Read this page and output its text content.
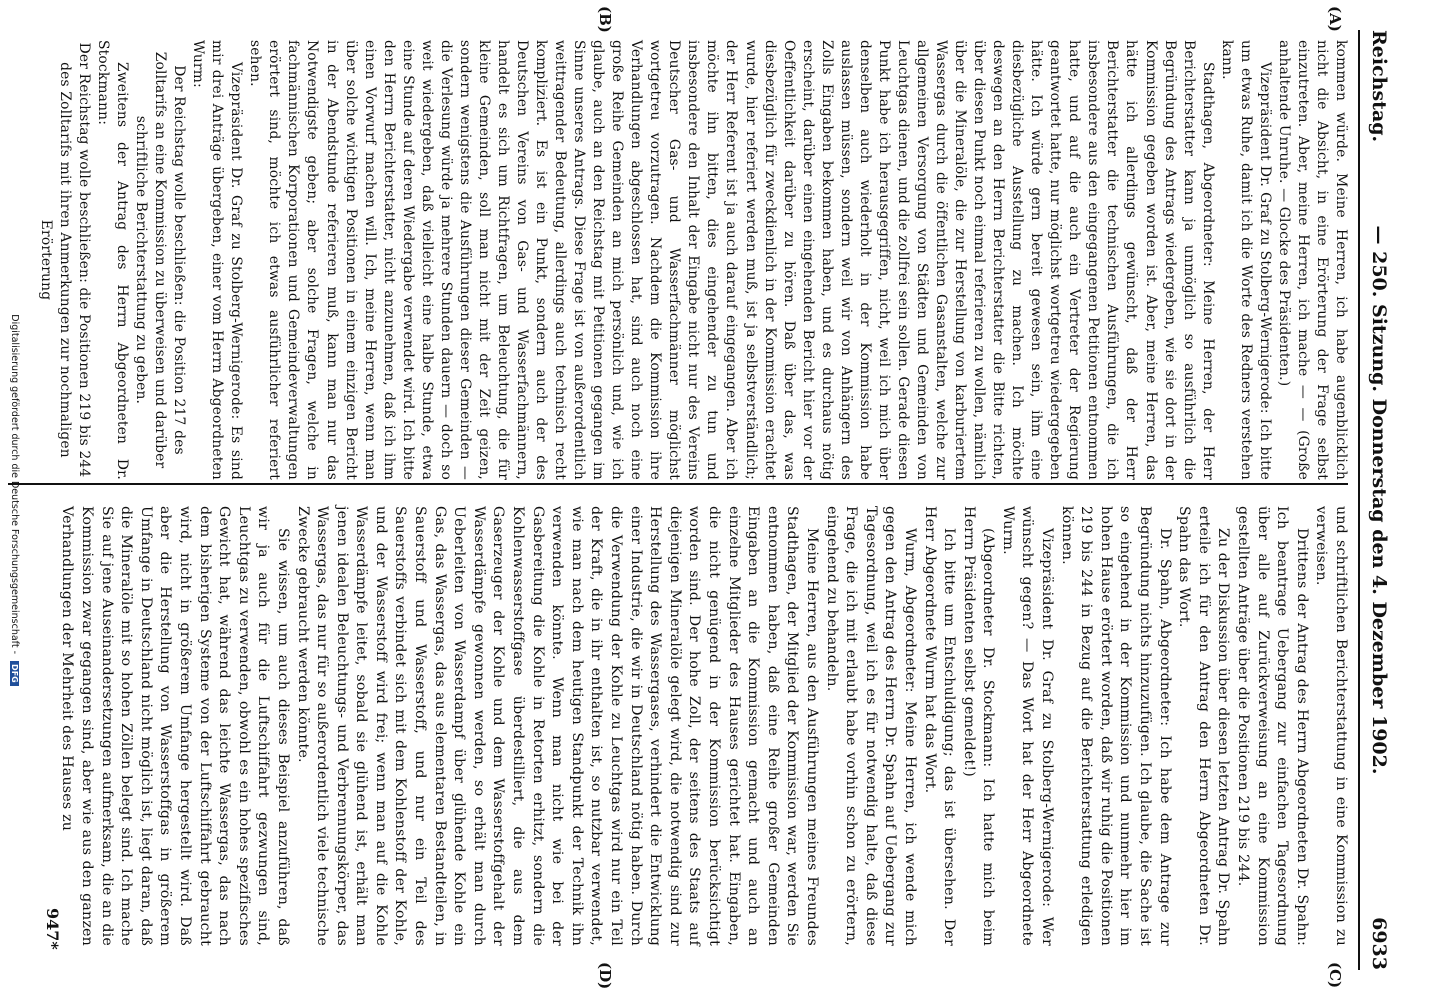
Reichstag.
— 250. Sitzung. Donnerstag den 4. Dezember 1902.
6933
(A)
(B)
(C)
(D)

kommen würde. Meine Herren, ich habe augenblicklich nicht die Absicht, in eine Erörterung der Frage selbst einzutreten. Aber, meine Herren, ich mache — — (Große anhaltende Unruhe. — Glocke des Präsidenten.)

Vizepräsident Dr. Graf zu Stolberg-Wernigerode: Ich bitte um etwas Ruhe, damit ich die Worte des Redners verstehen kann.

Stadthagen, Abgeordneter: Meine Herren, der Herr Berichterstatter kann ja unmöglich so ausführlich die Begründung des Antrags wiedergeben, wie sie dort in der Kommission gegeben worden ist. Aber, meine Herren, das hätte ich allerdings gewünscht, daß der Herr Berichterstatter die technischen Ausführungen, die ich insbesondere aus den eingegangenen Petitionen entnommen hatte, und auf die auch ein Vertreter der Regierung geantwortet hatte, nur möglichst wortgetreu wiedergegeben hätte. Ich würde gern bereit gewesen sein, ihm eine diesbezügliche Ausstellung zu machen. Ich möchte deswegen an den Herrn Berichterstatter die Bitte richten, über diesen Punkt noch einmal referieren zu wollen, nämlich über die Mineralöle, die zur Herstellung von karburiertem Wassergas durch die öffentlichen Gasanstalten, welche zur allgemeinen Versorgung von Städten und Gemeinden von Leuchtgas dienen, und die zollfrei sein sollen. Gerade diesen Punkt habe ich herausgegriffen, nicht, weil ich mich über denselben auch wiederholt in der Kommission habe auslassen müssen, sondern weil wir von Anhängern des Zolls Eingaben bekommen haben, und es durchaus nötig erscheint, darüber einen eingehenden Bericht hier vor der Oeffentlichkeit darüber zu hören. Daß über das, was diesbezüglich für zweckdienlich in der Kommission erachtet wurde, hier referiert werden muß, ist ja selbstverständlich; der Herr Referent ist ja auch darauf eingegangen. Aber ich möchte ihn bitten, dies eingehender zu tun und insbesondere den Inhalt der Eingabe nicht nur des Vereins Deutscher Gas- und Wasserfachmänner möglichst wortgetreu vorzutragen. Nachdem die Kommission ihre Verhandlungen abgeschlossen hat, sind auch noch eine große Reihe Gemeinden an mich persönlich und, wie ich glaube, auch an den Reichstag mit Petitionen gegangen im Sinne unseres Antrags. Diese Frage ist von außerordentlich weittragender Bedeutung, allerdings auch technisch recht kompliziert. Es ist ein Punkt, sondern auch der des Deutschen Vereins von Gas- und Wasserfachmännern, handelt es sich um Richtfragen, um Beleuchtung, die für kleine Gemeinden, soll man nicht mit der Zeit geizen, sondern wenigstens die Ausführungen dieser Gemeinden — die Verlesung würde ja mehrere Stunden dauern — doch so weit wiedergeben, daß vielleicht eine halbe Stunde, etwa eine Stunde auf deren Wiedergabe verwendet wird. Ich bitte den Herrn Berichterstatter, nicht anzunehmen, daß ich ihm einen Vorwurf machen will. Ich, meine Herren, wenn man über solche wichtigen Positionen in einem einzigen Bericht in der Abendstunde referieren muß, kann man nur das Notwendigste geben; aber solche Fragen, welche in fachmännischen Korporationen und Gemeindeverwaltungen erörtert sind, möchte ich etwas ausführlicher referiert sehen.

Vizepräsident Dr. Graf zu Stolberg-Wernigerode: Es sind mir drei Anträge übergeben, einer vom Herrn Abgeordneten Wurm:

Der Reichstag wolle beschließen: die Position 217 des Zolltarifs an eine Kommission zu überweisen und darüber schriftliche Berichterstattung zu geben.

Zweitens der Antrag des Herrn Abgeordneten Dr. Stockmann:

Der Reichstag wolle beschließen: die Positionen 219 bis 244 des Zolltarifs mit ihren Anmerkungen zur nochmaligen Erörterung

und schriftlichen Berichterstattung in eine Kommission zu verweisen.

Drittens der Antrag des Herrn Abgeordneten Dr. Spahn: Ich beantrage Uebergang zur einfachen Tagesordnung über alle auf Zurückverweisung an eine Kommission gestellten Anträge über die Positionen 219 bis 244.

Zu der Diskussion über diesen letzten Antrag Dr. Spahn erteile ich für den Antrag den Herrn Abgeordneten Dr. Spahn das Wort.

Dr. Spahn, Abgeordneter: Ich habe dem Antrage zur Begründung nichts hinzuzufügen. Ich glaube, die Sache ist so eingehend in der Kommission und nunmehr hier im hohen Hause erörtert worden, daß wir ruhig die Positionen 219 bis 244 in Bezug auf die Berichterstattung erledigen können.

Vizepräsident Dr. Graf zu Stolberg-Wernigerode: Wer wünscht gegen? — Das Wort hat der Herr Abgeordnete Wurm.

(Abgeordneter Dr. Stockmann: Ich hatte mich beim Herrn Präsidenten selbst gemeldet!)

Ich bitte um Entschuldigung; das ist übersehen. Der Herr Abgeordnete Wurm hat das Wort.

Wurm, Abgeordneter: Meine Herren, ich wende mich gegen den Antrag des Herrn Dr. Spahn auf Uebergang zur Tagesordnung, weil ich es für notwendig halte, daß diese Frage, die ich mit erlaubt habe vorhin schon zu erörtern, eingehend zu behandeln.

Meine Herren, aus den Ausführungen meines Freundes Stadthagen, der Mitglied der Kommission war, werden Sie entnommen haben, daß eine Reihe großer Gemeinden Eingaben an die Kommission gemacht und auch an einzelne Mitglieder des Hauses gerichtet hat. Eingaben, die nicht genügend in der Kommission berücksichtigt worden sind. Der hohe Zoll, der seitens des Staats auf diejenigen Mineralöle gelegt wird, die notwendig sind zur Herstellung des Wassergases, verhindert die Entwicklung einer Industrie, die wir in Deutschland nötig haben. Durch die Verwendung der Kohle zu Leuchtgas wird nur ein Teil der Kraft, die in ihr enthalten ist, so nutzbar verwendet, wie man nach dem heutigen Standpunkt der Technik ihn verwenden könnte. Wenn man nicht wie bei der Gasbereitung die Kohle in Retorten erhitzt, sondern die Kohlenwasserstoffgase überdestilliert, die aus dem Gaserzeuger der Kohle und dem Wasserstoffgehalt der Wasserdämpfe gewonnen werden, so erhält man durch Ueberleiten von Wasserdampf über glühende Kohle ein Gas, das Wassergas, das aus elementaren Bestandteilen, in Sauerstoff und Wasserstoff, und nur ein Teil des Sauerstoffs verbindet sich mit dem Kohlenstoff der Kohle, und der Wasserstoff wird frei; wenn man auf die Kohle Wasserdämpfe leitet, sobald sie glühend ist, erhält man jenen idealen Beleuchtungs- und Verbrennungskörper, das Wassergas, das nur für so außerordentlich viele technische Zwecke gebraucht werden könnte.

Sie wissen, um auch dieses Beispiel anzuführen, daß wir ja auch für die Luftschiffahrt gezwungen sind, Leuchtgas zu verwenden, obwohl es ein hohes spezifisches Gewicht hat, während das leichte Wassergas, das nach dem bisherigen Systeme von der Luftschiffahrt gebraucht wird, nicht in größerem Umfange hergestellt wird. Daß aber die Herstellung von Wasserstoffgas in größerem Umfange in Deutschland nicht möglich ist, liegt daran, daß die Mineralöle mit so hohen Zöllen belegt sind. Ich mache Sie auf jene Auseinandersetzungen aufmerksam, die an die Kommission zwar gegangen sind, aber wie aus den ganzen Verhandlungen der Mehrheit des Hauses zu

947*
Digitalisierung gefördert durch die Deutsche Forschungsgemeinschaft - DFG
